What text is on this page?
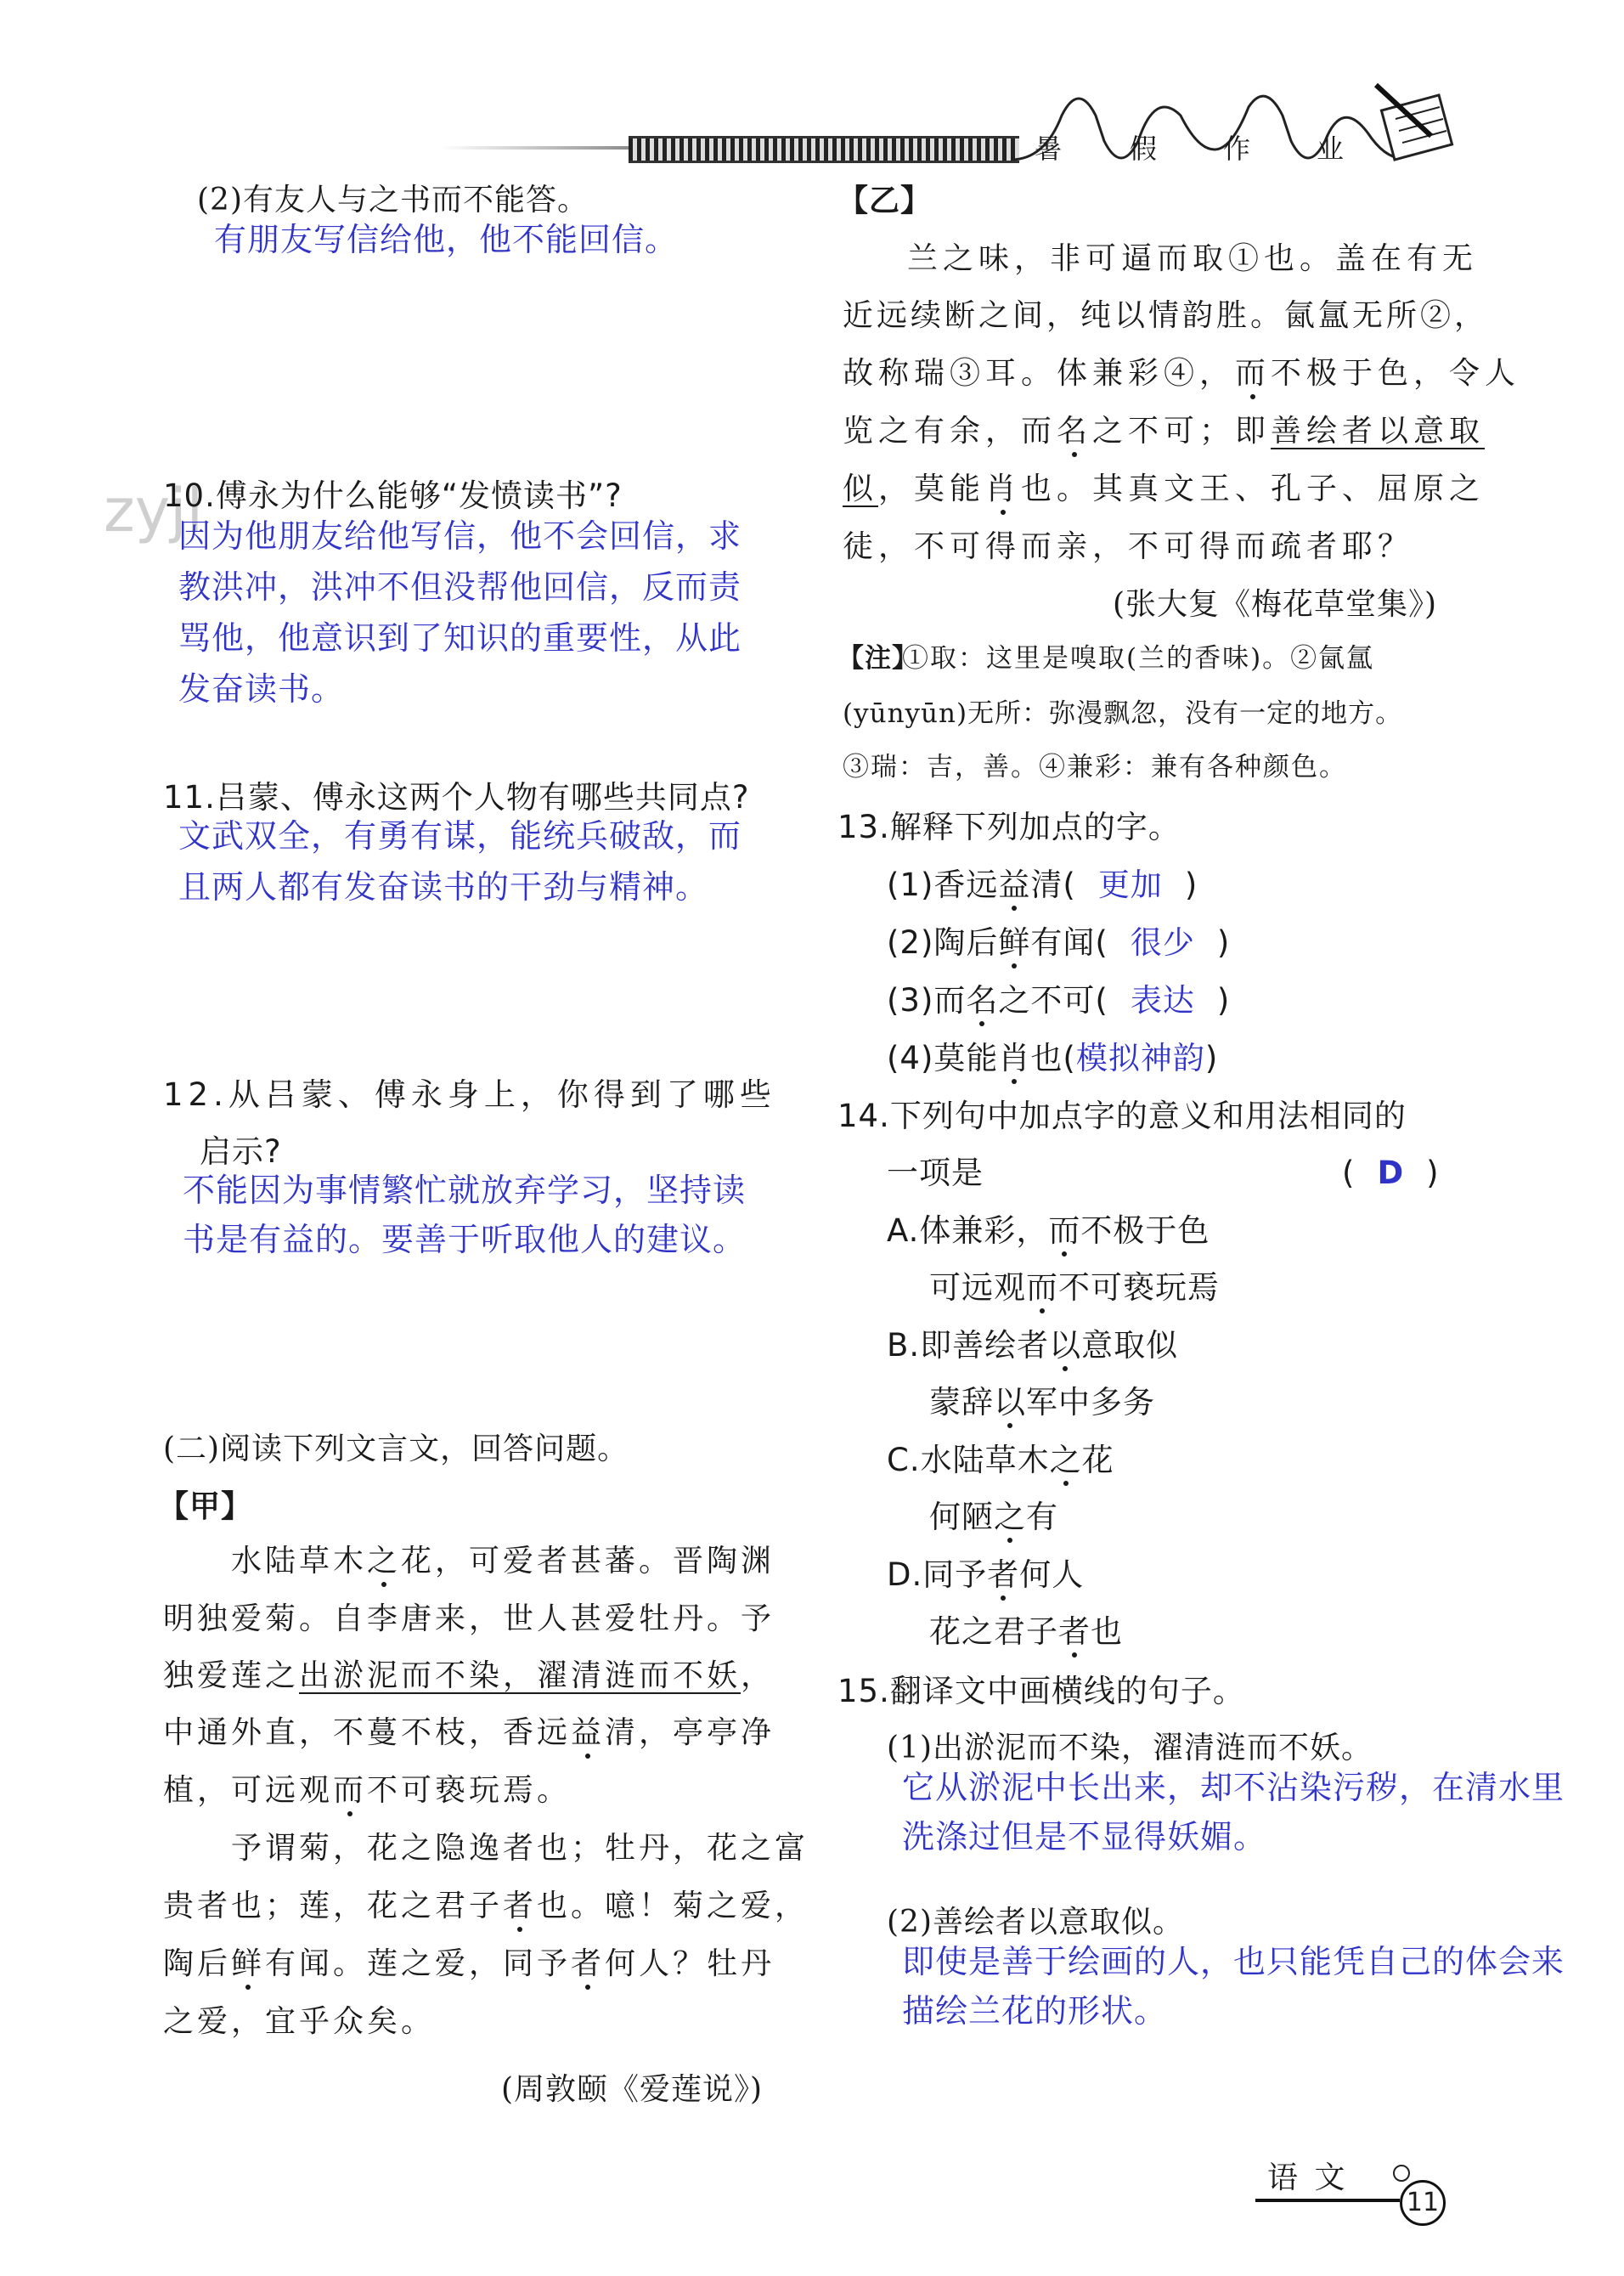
暑 假 作 业
zyjl
(2)有友人与之书而不能答。
有朋友写信给他，他不能回信。
10.傅永为什么能够“发愤读书”?
因为他朋友给他写信，他不会回信，求
教洪冲，洪冲不但没帮他回信，反而责
骂他，他意识到了知识的重要性，从此
发奋读书。
11.吕蒙、傅永这两个人物有哪些共同点?
文武双全，有勇有谋，能统兵破敌，而
且两人都有发奋读书的干劲与精神。
12.从吕蒙、傅永身上，你得到了哪些
启示?
不能因为事情繁忙就放弃学习，坚持读
书是有益的。要善于听取他人的建议。
(二)阅读下列文言文，回答问题。
【甲】
水陆草木之花，可爱者甚蕃。晋陶渊
明独爱菊。自李唐来，世人甚爱牡丹。予
独爱莲之出淤泥而不染，濯清涟而不妖，
中通外直，不蔓不枝，香远益清，亭亭净
植，可远观而不可亵玩焉。
予谓菊，花之隐逸者也；牡丹，花之富
贵者也；莲，花之君子者也。噫！菊之爱，
陶后鲜有闻。莲之爱，同予者何人？牡丹
之爱，宜乎众矣。
(周敦颐《爱莲说》)
【乙】
兰之味，非可逼而取①也。盖在有无
近远续断之间，纯以情韵胜。氤氲无所②，
故称瑞③耳。体兼彩④，而不极于色，令人
览之有余，而名之不可；即善绘者以意取
似，莫能肖也。其真文王、孔子、屈原之
徒，不可得而亲，不可得而疏者耶？
(张大复《梅花草堂集》)
【注】
①取：这里是嗅取(兰的香味)。②氤氲
(yūnyūn)无所：弥漫飘忽，没有一定的地方。
③瑞：吉，善。④兼彩：兼有各种颜色。
13.解释下列加点的字。
(1)香远益清( 更加 )
(2)陶后鲜有闻( 很少 )
(3)而名之不可( 表达 )
(4)莫能肖也(模拟神韵)
14.下列句中加点字的意义和用法相同的
一项是	( D )
A.体兼彩，而不极于色
可远观而不可亵玩焉
B.即善绘者以意取似
蒙辞以军中多务
C.水陆草木之花
何陋之有
D.同予者何人
花之君子者也
15.翻译文中画横线的句子。
(1)出淤泥而不染，濯清涟而不妖。
它从淤泥中长出来，却不沾染污秽，在清水里
洗涤过但是不显得妖媚。
(2)善绘者以意取似。
即使是善于绘画的人，也只能凭自己的体会来
描绘兰花的形状。
语 文
11
